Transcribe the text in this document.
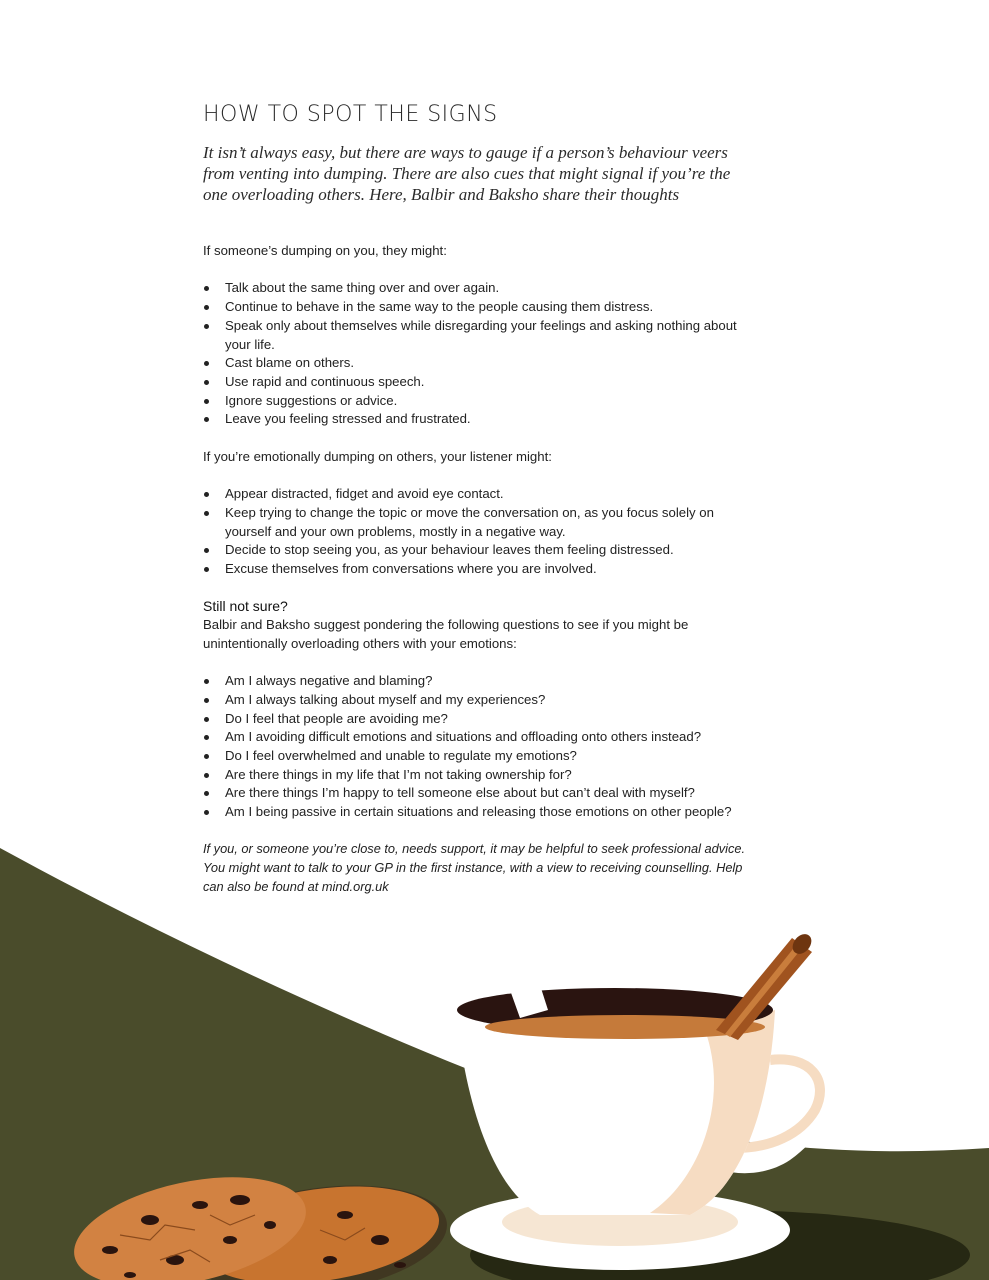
HOW TO SPOT THE SIGNS

It isn’t always easy, but there are ways to gauge if a person’s behaviour veers from venting into dumping. There are also cues that might signal if you’re the one overloading others. Here, Balbir and Baksho share their thoughts

If someone’s dumping on you, they might:

Talk about the same thing over and over again.
Continue to behave in the same way to the people causing them distress.
Speak only about themselves while disregarding your feelings and asking nothing about your life.
Cast blame on others.
Use rapid and continuous speech.
Ignore suggestions or advice.
Leave you feeling stressed and frustrated.

If you’re emotionally dumping on others, your listener might:

Appear distracted, fidget and avoid eye contact.
Keep trying to change the topic or move the conversation on, as you focus solely on yourself and your own problems, mostly in a negative way.
Decide to stop seeing you, as your behaviour leaves them feeling distressed.
Excuse themselves from conversations where you are involved.
Still not sure?

Balbir and Baksho suggest pondering the following questions to see if you might be unintentionally overloading others with your emotions:

Am I always negative and blaming?
Am I always talking about myself and my experiences?
Do I feel that people are avoiding me?
Am I avoiding difficult emotions and situations and offloading onto others instead?
Do I feel overwhelmed and unable to regulate my emotions?
Are there things in my life that I’m not taking ownership for?
Are there things I’m happy to tell someone else about but can’t deal with myself?
Am I being passive in certain situations and releasing those emotions on other people?

If you, or someone you’re close to, needs support, it may be helpful to seek professional advice. You might want to talk to your GP in the first instance, with a view to receiving counselling. Help can also be found at mind.org.uk
